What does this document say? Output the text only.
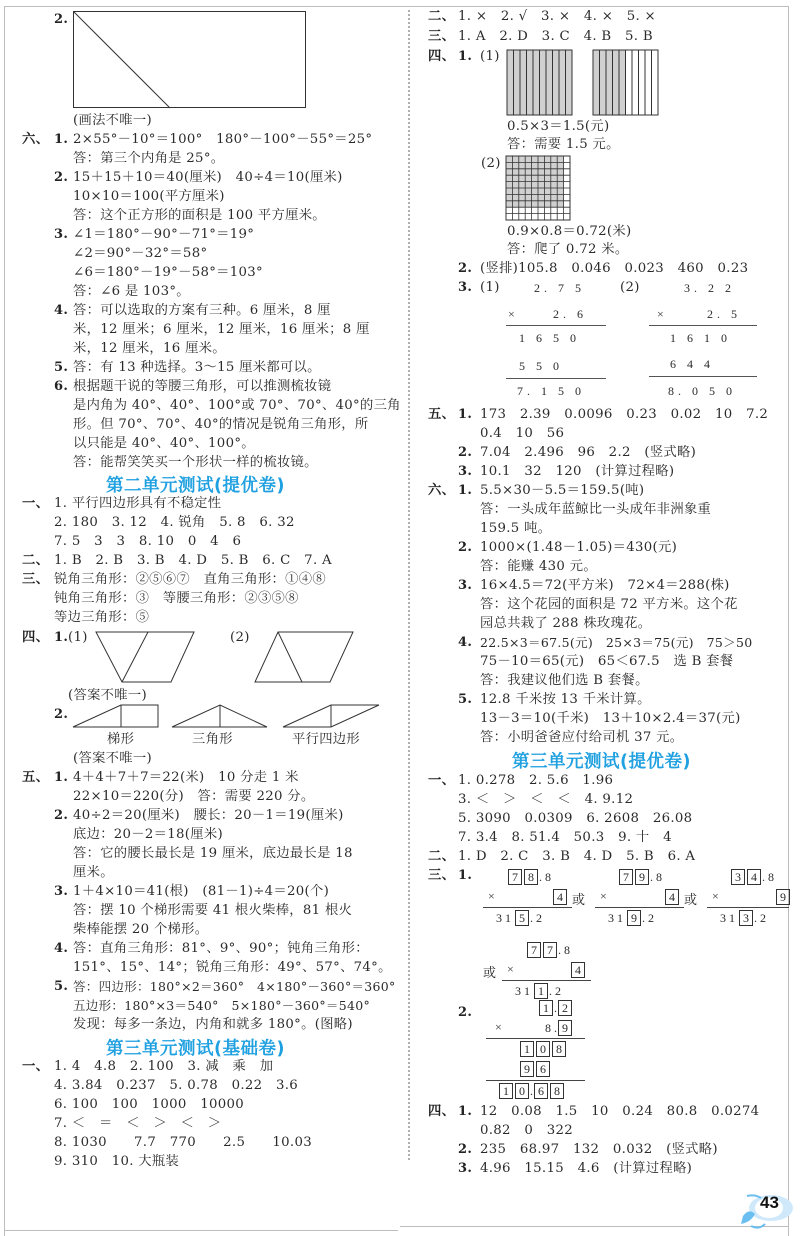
2.
(画法不唯一)
六、 1. 2×55°－10°＝100°　180°－100°－55°＝25°
答：第三个内角是 25°。
2. 15＋15＋10＝40(厘米)　40÷4＝10(厘米)
10×10＝100(平方厘米)
答：这个正方形的面积是 100 平方厘米。
3. ∠1＝180°－90°－71°＝19°
∠2＝90°－32°＝58°
∠6＝180°－19°－58°＝103°
答：∠6 是 103°。
4. 答：可以选取的方案有三种。6 厘米，8 厘
米，12 厘米；6 厘米，12 厘米，16 厘米；8 厘
米，12 厘米，16 厘米。
5. 答：有 13 种选择。3～15 厘米都可以。
6. 根据题干说的等腰三角形，可以推测梳妆镜
是内角为 40°、40°、100°或 70°、70°、40°的三角
形。但 70°、70°、40°的情况是锐角三角形，所
以只能是 40°、40°、100°。
答：能帮笑笑买一个形状一样的梳妆镜。
第二单元测试(提优卷)
一、 1. 平行四边形具有不稳定性
2. 180　3. 12　4. 锐角　5. 8　6. 32
7. 5　3　3　8. 10　0　4　6
二、 1. B　2. B　3. B　4. D　5. B　6. C　7. A
三、 锐角三角形：②⑤⑥⑦　直角三角形：①④⑧
钝角三角形：③　等腰三角形：②③⑤⑧
等边三角形：⑤
四、 1. (1)	(2)
(答案不唯一)
2.
梯形	三角形	平行四边形
(答案不唯一)
五、 1. 4＋4＋7＋7＝22(米)　10 分走 1 米
22×10＝220(分)　答：需要 220 分。
2. 40÷2＝20(厘米)　腰长：20－1＝19(厘米)
底边：20－2＝18(厘米)
答：它的腰长最长是 19 厘米，底边最长是 18
厘米。
3. 1＋4×10＝41(根)　(81－1)÷4＝20(个)
答：摆 10 个梯形需要 41 根火柴棒，81 根火
柴棒能摆 20 个梯形。
4. 答：直角三角形：81°、9°、90°；钝角三角形：
151°、15°、14°；锐角三角形：49°、57°、74°。
5. 答：四边形：180°×2＝360°　4×180°－360°＝360°
五边形：180°×3＝540°　5×180°－360°＝540°
发现：每多一条边，内角和就多 180°。(图略)
第三单元测试(基础卷)
一、 1. 4　4.8　2. 100　3. 减　乘　加
4. 3.84　0.237　5. 0.78　0.22　3.6
6. 100　100　1000　10000
7. ＜　＝　＜　＞　＜　＞
8. 1030　　7.7　770　　2.5　　10.03
9. 310　10. 大瓶装
二、 1. ×　2. √　3. ×　4. ×　5. ×
三、 1. A　2. D　3. C　4. B　5. B
四、 1. (1)
0.5×3＝1.5(元)
答：需要 1.5 元。
(2)
0.9×0.8＝0.72(米)
答：爬了 0.72 米。
2. (竖排)105.8　0.046　0.023　460　0.23
3. (1)	(2)
2. 7 5
×	2. 6
1 6 5 0
5 5 0
7. 1 5 0
3. 2 2
×	2. 5
1 6 1 0
6 4 4
8. 0 5 0
五、 1. 173　2.39　0.0096　0.23　0.02　10　7.2
0.4　10　56
2. 7.04　2.496　96　2.2　(竖式略)
3. 10.1　32　120　(计算过程略)
六、 1. 5.5×30－5.5＝159.5(吨)
答：一头成年蓝鲸比一头成年非洲象重
159.5 吨。
2. 1000×(1.48－1.05)＝430(元)
答：能赚 430 元。
3. 16×4.5＝72(平方米)　72×4＝288(株)
答：这个花园的面积是 72 平方米。这个花
园总共栽了 288 株玫瑰花。
4. 22.5×3＝67.5(元)　25×3＝75(元)　75＞50
75－10＝65(元)　65＜67.5　选 B 套餐
答：我建议他们选 B 套餐。
5. 12.8 千米按 13 千米计算。
13－3＝10(千米)　13＋10×2.4＝37(元)
答：小明爸爸应付给司机 37 元。
第三单元测试(提优卷)
一、 1. 0.278　2. 5.6　1.96
3. ＜　＞　＜　＜　4. 9.12
5. 3090　0.0309　6. 2608　26.08
7. 3.4　8. 51.4　50.3　9. 十　4
二、 1. D　2. C　3. B　4. D　5. B　6. A
三、 1.	7 8 . 8
×	4 或
3 1 5 . 2
7 9 . 8
×	4 或
3 1 9 . 2
3 4 . 8
×	9
3 1 3 . 2
7 7 . 8
或 ×	4
3 1 1 . 2
2.	1 . 2
×	8 . 9
1 0 8
9 6
1 0 . 6 8
四、 1. 12　0.08　1.5　10　0.24　80.8　0.0274
0.82　0　322
2. 235　68.97　132　0.032　(竖式略)
3. 4.96　15.15　4.6　(计算过程略)
43
